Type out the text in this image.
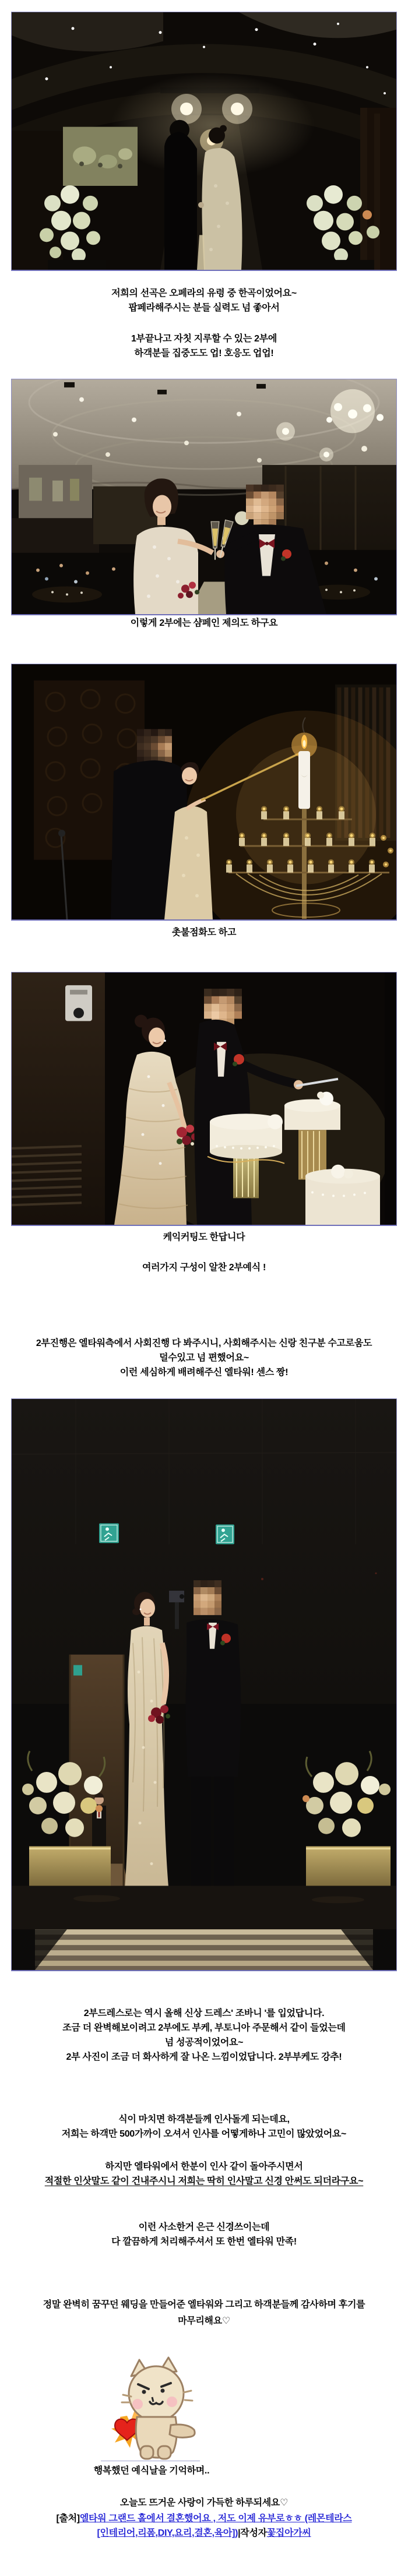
저희의 선곡은 오페라의 유령 중 한곡이었어요~
팝페라해주시는 분들 실력도 넘 좋아서
1부끝나고 자칫 지루할 수 있는 2부에
하객분들 집중도도 업! 호응도 업업!
이렇게 2부에는 샴페인 제의도 하구요
촛불점화도 하고
케익커팅도 한답니다
여러가지 구성이 알찬 2부예식 !
2부진행은 엘타워측에서 사회진행 다 봐주시니, 사회해주시는 신랑 친구분 수고로움도
덜수있고 넘 편했어요~
이런 세심하게 배려해주신 엘타워! 센스 짱!
2부드레스로는 역시 올해 신상 드레스' 조바니 '를 입었답니다.
조금 더 완벽해보이려고 2부에도 부케, 부토니아 주문해서 같이 들었는데
넘 성공적이었어요~
2부 사진이 조금 더 화사하게 잘 나온 느낌이었답니다. 2부부케도 강추!
식이 마치면 하객분들께 인사돌게 되는데요,
저희는 하객만 500가까이 오셔서 인사를 어떻게하나 고민이 많았었어요~
하지만 엘타워에서 한분이 인사 같이 돌아주시면서
적절한 인삿말도 같이 건내주시니 저희는 딱히 인사말고 신경 안써도 되더라구요~
이런 사소한거 은근 신경쓰이는데
다 깔끔하게 처리해주셔서 또 한번 엘타워 만족!
정말 완벽히 꿈꾸던 웨딩을 만들어준 엘타워와 그리고 하객분들께 감사하며 후기를
마무리해요♡
행복했던 예식날을 기억하며..
오늘도 뜨거운 사랑이 가득한 하루되세요♡
[출처]엘타워 그랜드 홀에서 결혼했어요 , 저도 이제 유부로ㅎㅎ (레몬테라스
[인테리어,리폼,DIY,요리,결혼,육아])|작성자꽃집아가씨
